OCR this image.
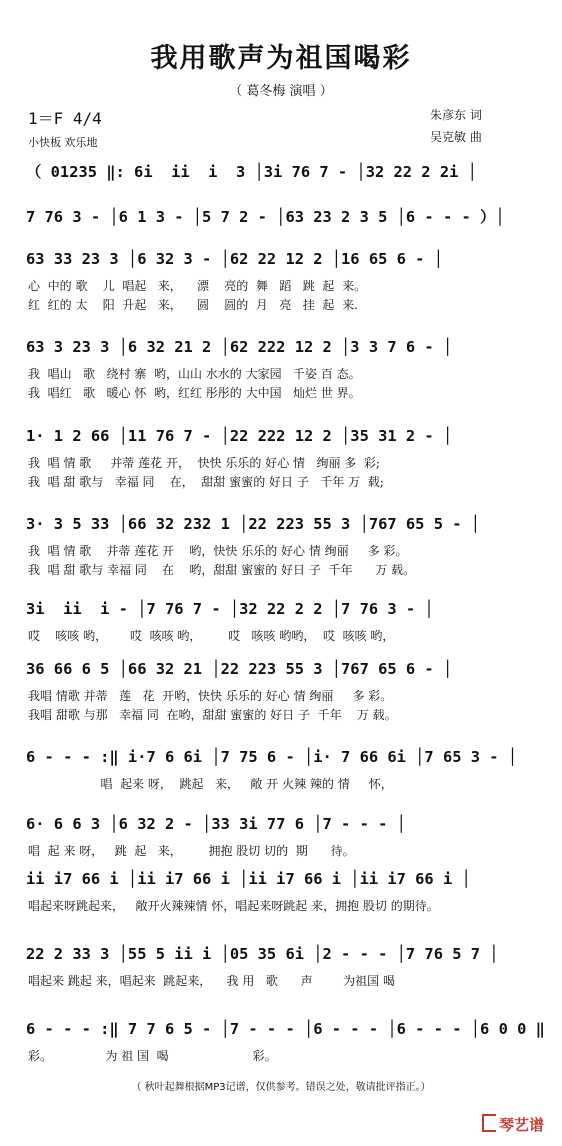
我用歌声为祖国喝彩
（ 葛冬梅 演唱 ）
1＝F 4/4
小快板 欢乐地
朱彦东 词
吴克敏 曲
（ 01235 ‖: 6i  ii  i  3 │3i 76 7 - │32 22 2 2i │
7 76 3 - │6 1 3 - │5 7 2 - │63 23 2 3 5 │6 - - - ）│
63 33 23 3 │6 32 3 - │62 22 12 2 │16 65 6 - │
心  中的 歌    儿  唱起   来，    漂    亮的  舞   蹈   跳  起  来。
红  红的 太    阳  升起   来，    圆    圆的  月   亮   挂  起  来.
63 3 23 3 │6 32 21 2 │62 222 12 2 │3 3 7 6 - │
我  唱山   歌   绕村 寨  哟，山山 水水的 大家园   千姿 百 态。
我  唱红   歌   暖心 怀  哟，红红 彤彤的 大中国   灿烂 世 界。
1· 1 2 66 │11 76 7 - │22 222 12 2 │35 31 2 - │
我  唱 情 歌     并蒂 莲花 开，  快快 乐乐的 好心 情   绚丽 多  彩;
我  唱 甜 歌与   幸福 同    在，  甜甜 蜜蜜的 好日 子   千年 万  载;
3· 3 5 33 │66 32 232 1 │22 223 55 3 │767 65 5 - │
我  唱 情 歌    并蒂 莲花 开    哟，快快 乐乐的 好心 情 绚丽     多 彩。
我  唱 甜 歌与 幸福 同    在    哟，甜甜 蜜蜜的 好日 子  千年      万 载。
3i  ii  i - │7 76 7 - │32 22 2 2 │7 76 3 - │
哎    咳咳 哟，      哎  咳咳 哟，       哎   咳咳 哟哟，  哎  咳咳 哟，
36 66 6 5 │66 32 21 │22 223 55 3 │767 65 6 - │
我唱 情歌 并蒂   莲   花  开哟，快快 乐乐的 好心 情 绚丽     多 彩。
我唱 甜歌 与那   幸福 同  在哟，甜甜 蜜蜜的 好日 子  千年    万 载。
6 - - - :‖ i·7 6 6i │7 75 6 - │i· 7 66 6i │7 65 3 - │
唱  起来 呀，  跳起   来，   敞 开 火辣 辣的 情     怀，
6· 6 6 3 │6 32 2 - │33 3i 77 6 │7 - - - │
唱  起 来 呀，   跳  起   来，       拥抱 股切 切的  期      待。
ii i7 66 i │ii i7 66 i │ii i7 66 i │ii i7 66 i │
唱起来呀跳起来，   敞开火辣辣情 怀，唱起来呀跳起 来，拥抱 股切 的期待。
22 2 33 3 │55 5 ii i │05 35 6i │2 - - - │7 76 5 7 │
唱起来 跳起 来，唱起来  跳起来，    我 用   歌      声        为祖国 喝
6 - - - :‖ 7 7 6 5 - │7 - - - │6 - - - │6 - - - │6 0 0 ‖
彩。              为 祖 国  喝                      彩。
（ 秋叶起舞根据MP3记谱，仅供参考。错误之处，敬请批评指正。）
琴艺谱
